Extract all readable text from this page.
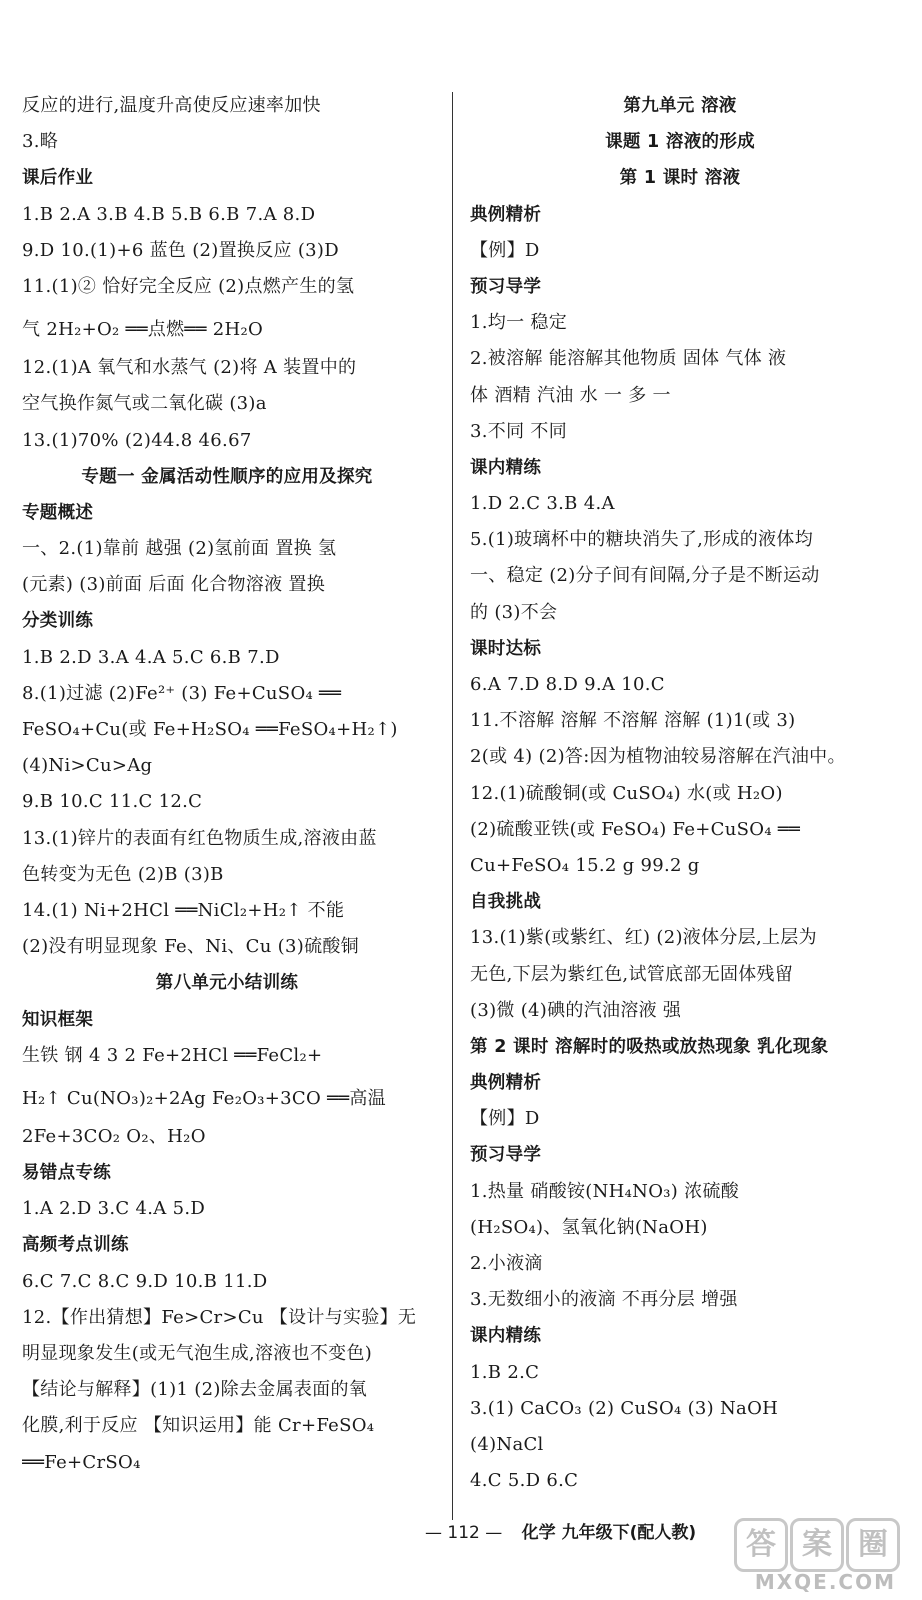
反应的进行,温度升高使反应速率加快
3.略
课后作业
1.B 2.A 3.B 4.B 5.B 6.B 7.A 8.D
9.D 10.(1)+6 蓝色 (2)置换反应 (3)D
11.(1)② 恰好完全反应 (2)点燃产生的氢
气 2H₂+O₂ ══点燃══ 2H₂O
12.(1)A 氧气和水蒸气 (2)将 A 装置中的
空气换作氮气或二氧化碳 (3)a
13.(1)70% (2)44.8 46.67
专题一 金属活动性顺序的应用及探究
专题概述
一、2.(1)靠前 越强 (2)氢前面 置换 氢
(元素) (3)前面 后面 化合物溶液 置换
分类训练
1.B 2.D 3.A 4.A 5.C 6.B 7.D
8.(1)过滤 (2)Fe²⁺ (3) Fe+CuSO₄ ══
FeSO₄+Cu(或 Fe+H₂SO₄ ══FeSO₄+H₂↑)
(4)Ni>Cu>Ag
9.B 10.C 11.C 12.C
13.(1)锌片的表面有红色物质生成,溶液由蓝
色转变为无色 (2)B (3)B
14.(1) Ni+2HCl ══NiCl₂+H₂↑ 不能
(2)没有明显现象 Fe、Ni、Cu (3)硫酸铜
第八单元小结训练
知识框架
生铁 钢 4 3 2 Fe+2HCl ══FeCl₂+
H₂↑ Cu(NO₃)₂+2Ag Fe₂O₃+3CO ══高温
2Fe+3CO₂ O₂、H₂O
易错点专练
1.A 2.D 3.C 4.A 5.D
高频考点训练
6.C 7.C 8.C 9.D 10.B 11.D
12.【作出猜想】Fe>Cr>Cu 【设计与实验】无
明显现象发生(或无气泡生成,溶液也不变色)
【结论与解释】(1)1 (2)除去金属表面的氧
化膜,利于反应 【知识运用】能 Cr+FeSO₄
══Fe+CrSO₄
第九单元 溶液
课题 1 溶液的形成
第 1 课时 溶液
典例精析
【例】D
预习导学
1.均一 稳定
2.被溶解 能溶解其他物质 固体 气体 液
体 酒精 汽油 水 一 多 一
3.不同 不同
课内精练
1.D 2.C 3.B 4.A
5.(1)玻璃杯中的糖块消失了,形成的液体均
一、稳定 (2)分子间有间隔,分子是不断运动
的 (3)不会
课时达标
6.A 7.D 8.D 9.A 10.C
11.不溶解 溶解 不溶解 溶解 (1)1(或 3)
2(或 4) (2)答:因为植物油较易溶解在汽油中。
12.(1)硫酸铜(或 CuSO₄) 水(或 H₂O)
(2)硫酸亚铁(或 FeSO₄) Fe+CuSO₄ ══
Cu+FeSO₄ 15.2 g 99.2 g
自我挑战
13.(1)紫(或紫红、红) (2)液体分层,上层为
无色,下层为紫红色,试管底部无固体残留
(3)微 (4)碘的汽油溶液 强
第 2 课时 溶解时的吸热或放热现象 乳化现象
典例精析
【例】D
预习导学
1.热量 硝酸铵(NH₄NO₃) 浓硫酸
(H₂SO₄)、氢氧化钠(NaOH)
2.小液滴
3.无数细小的液滴 不再分层 增强
课内精练
1.B 2.C
3.(1) CaCO₃ (2) CuSO₄ (3) NaOH
(4)NaCl
4.C 5.D 6.C
— 112 — 化学 九年级下(配人教)	答 案 圈
MXQE.COM
